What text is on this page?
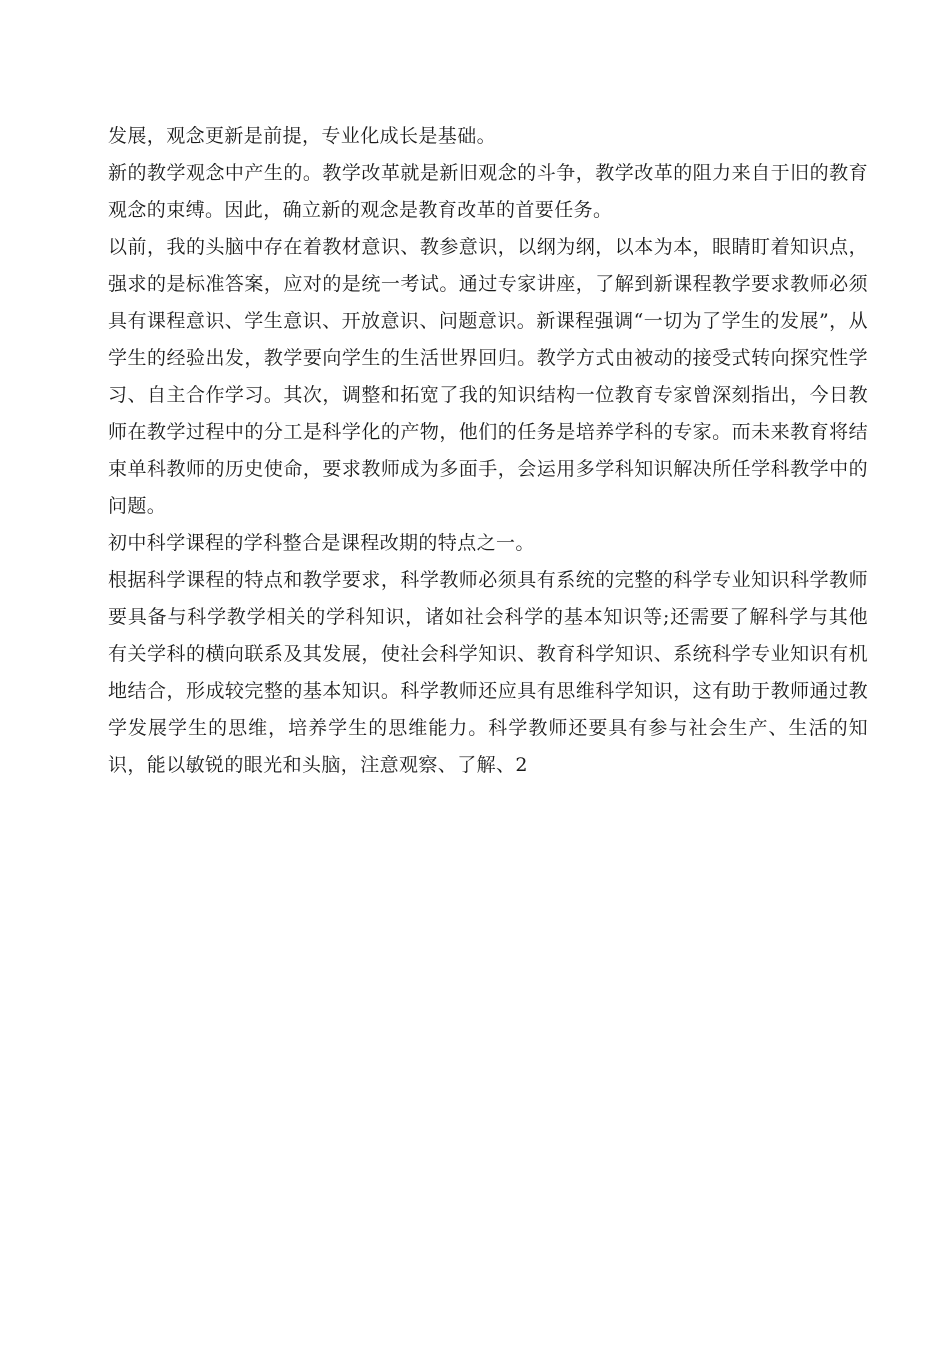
发展，观念更新是前提，专业化成长是基础。

新的教学观念中产生的。教学改革就是新旧观念的斗争，教学改革的阻力来自于旧的教育观念的束缚。因此，确立新的观念是教育改革的首要任务。

以前，我的头脑中存在着教材意识、教参意识，以纲为纲，以本为本，眼睛盯着知识点，强求的是标准答案，应对的是统一考试。通过专家讲座，了解到新课程教学要求教师必须具有课程意识、学生意识、开放意识、问题意识。新课程强调“一切为了学生的发展”，从学生的经验出发，教学要向学生的生活世界回归。教学方式由被动的接受式转向探究性学习、自主合作学习。其次，调整和拓宽了我的知识结构一位教育专家曾深刻指出，今日教师在教学过程中的分工是科学化的产物，他们的任务是培养学科的专家。而未来教育将结束单科教师的历史使命，要求教师成为多面手，会运用多学科知识解决所任学科教学中的问题。

初中科学课程的学科整合是课程改期的特点之一。

根据科学课程的特点和教学要求，科学教师必须具有系统的完整的科学专业知识科学教师要具备与科学教学相关的学科知识，诸如社会科学的基本知识等;还需要了解科学与其他有关学科的横向联系及其发展，使社会科学知识、教育科学知识、系统科学专业知识有机地结合，形成较完整的基本知识。科学教师还应具有思维科学知识，这有助于教师通过教学发展学生的思维，培养学生的思维能力。科学教师还要具有参与社会生产、生活的知识，能以敏锐的眼光和头脑，注意观察、了解、2
